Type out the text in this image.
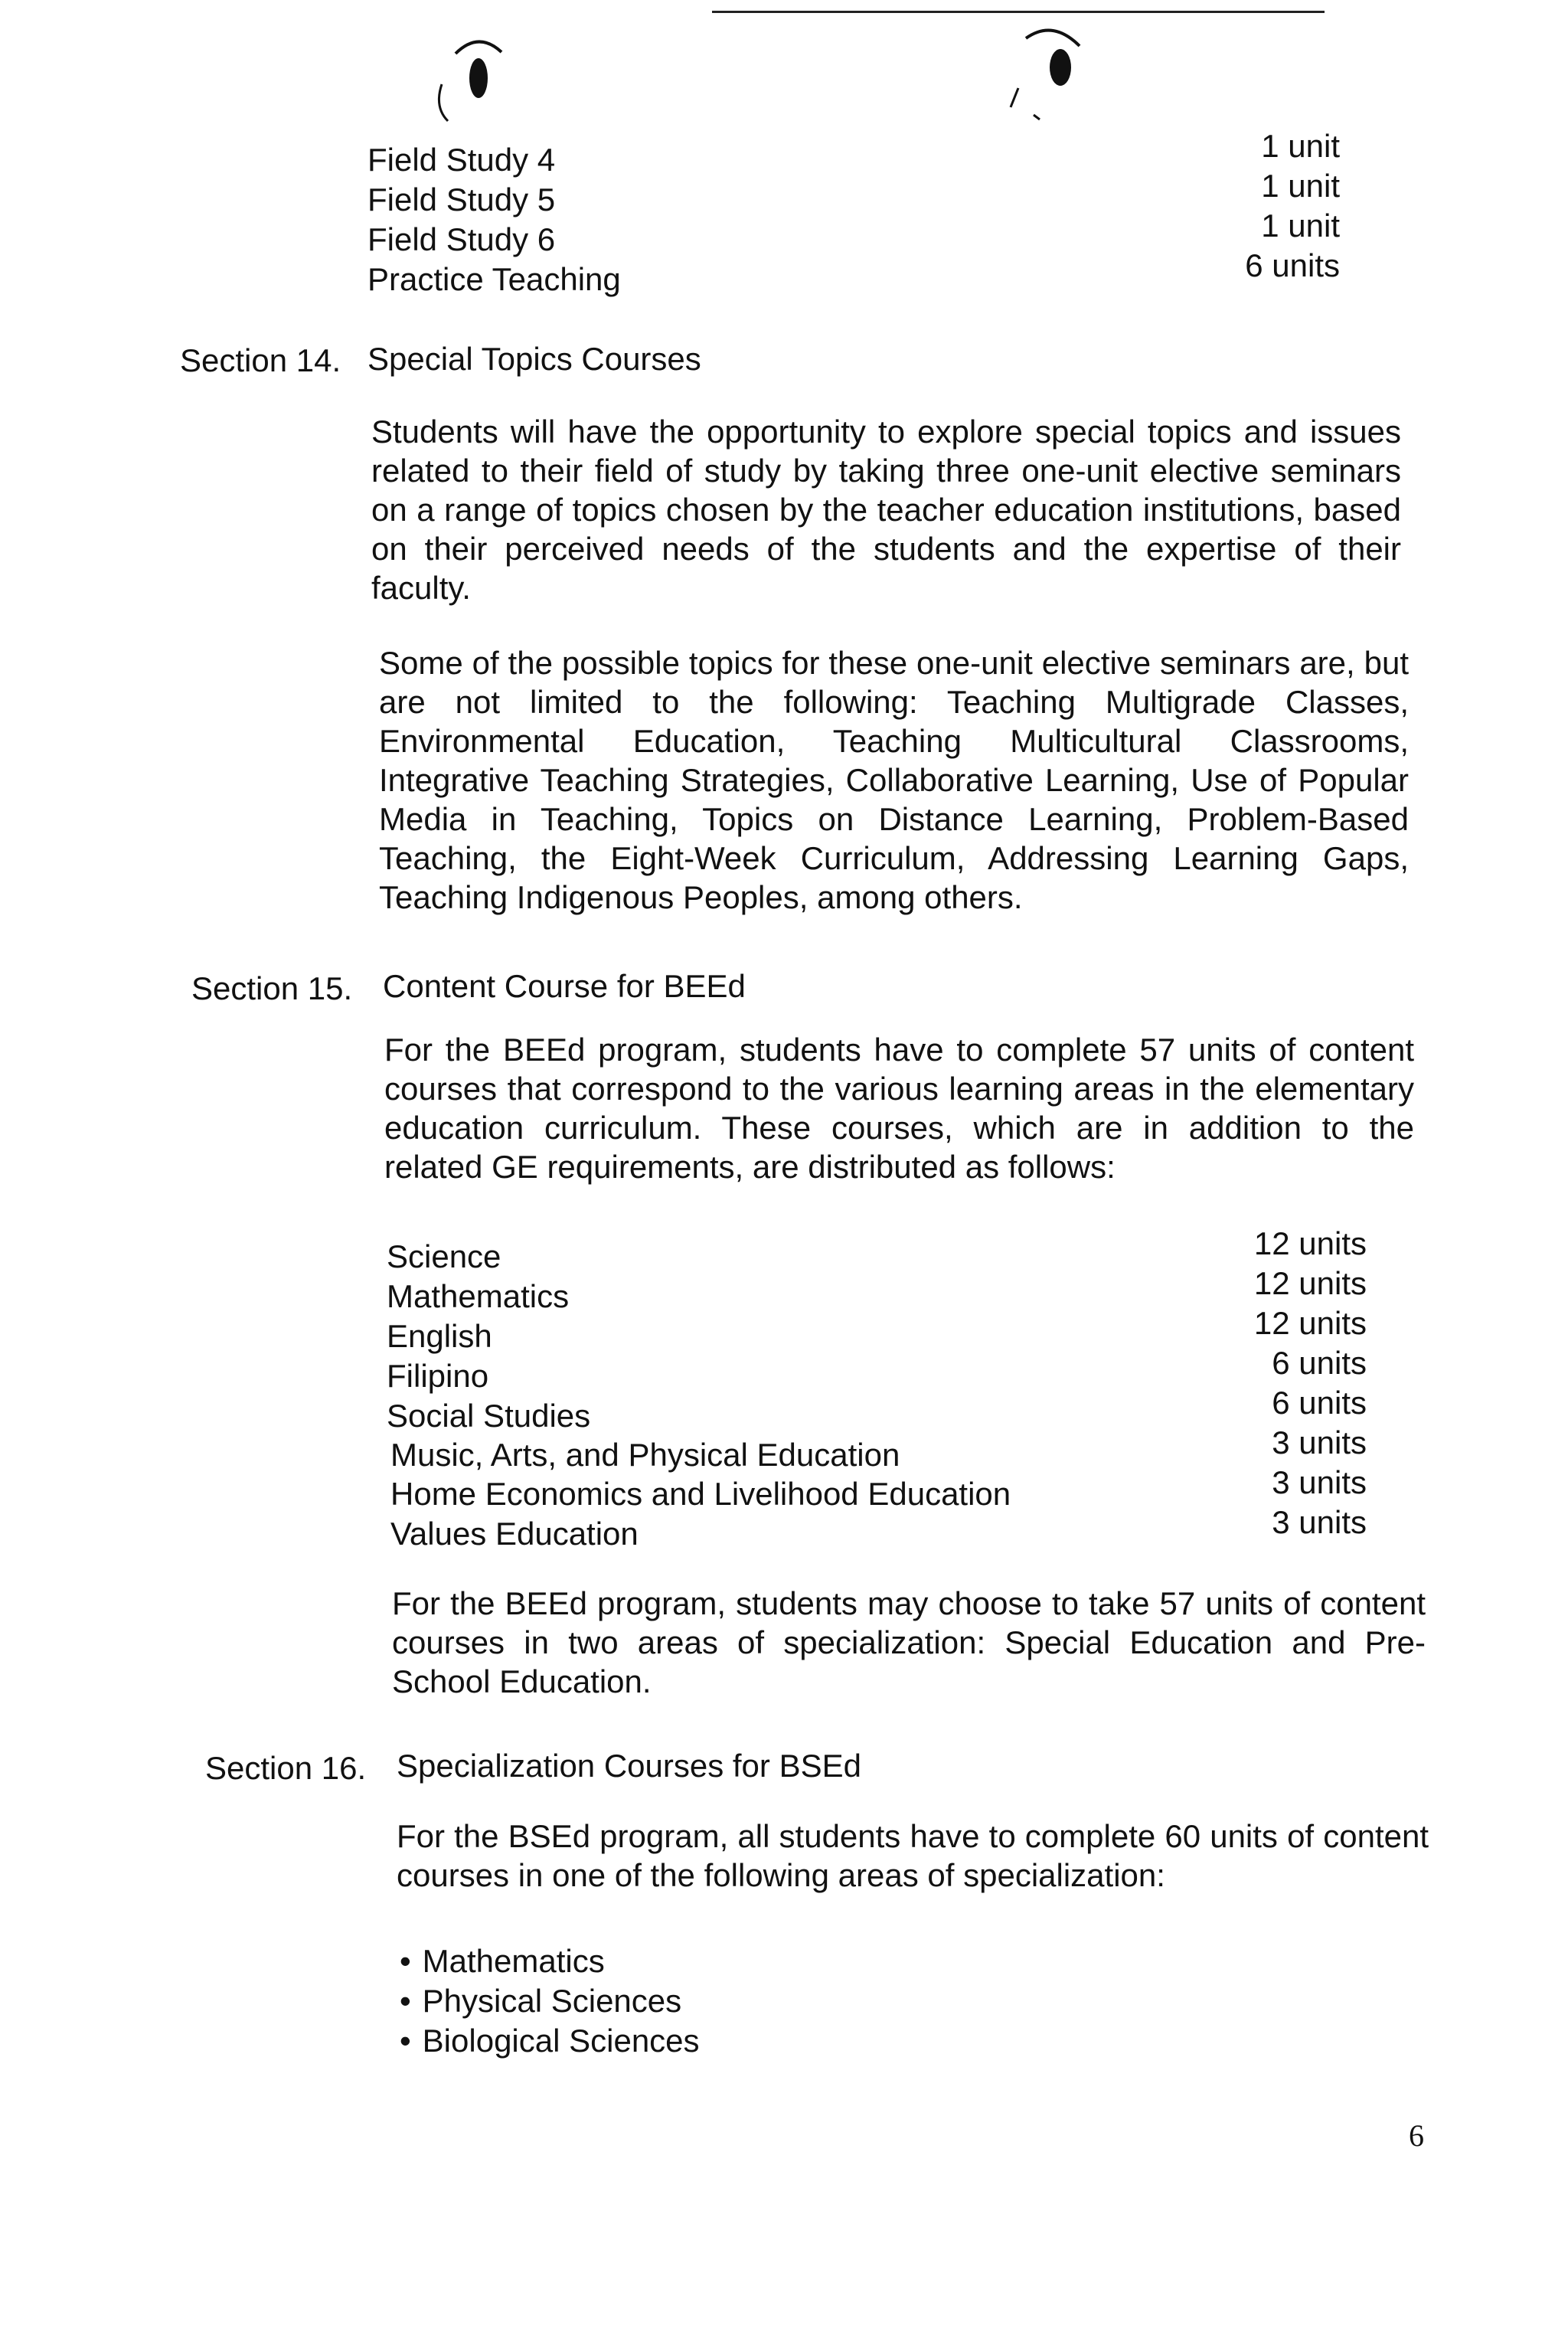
Field Study 4	1 unit
Field Study 5	1 unit
Field Study 6	1 unit
Practice Teaching	6 units
Section 14. Special Topics Courses
Students will have the opportunity to explore special topics and issues related to their field of study by taking three one-unit elective seminars on a range of topics chosen by the teacher education institutions, based on their perceived needs of the students and the expertise of their faculty.
Some of the possible topics for these one-unit elective seminars are, but are not limited to the following: Teaching Multigrade Classes, Environmental Education, Teaching Multicultural Classrooms, Integrative Teaching Strategies, Collaborative Learning, Use of Popular Media in Teaching, Topics on Distance Learning, Problem-Based Teaching, the Eight-Week Curriculum, Addressing Learning Gaps, Teaching Indigenous Peoples, among others.
Section 15. Content Course for BEEd
For the BEEd program, students have to complete 57 units of content courses that correspond to the various learning areas in the elementary education curriculum. These courses, which are in addition to the related GE requirements, are distributed as follows:
Science	12 units
Mathematics	12 units
English	12 units
Filipino	6 units
Social Studies	6 units
Music, Arts, and Physical Education	3 units
Home Economics and Livelihood Education	3 units
Values Education	3 units
For the BEEd program, students may choose to take 57 units of content courses in two areas of specialization: Special Education and Pre-School Education.
Section 16. Specialization Courses for BSEd
For the BSEd program, all students have to complete 60 units of content courses in one of the following areas of specialization:
• Mathematics
• Physical Sciences
• Biological Sciences
6
